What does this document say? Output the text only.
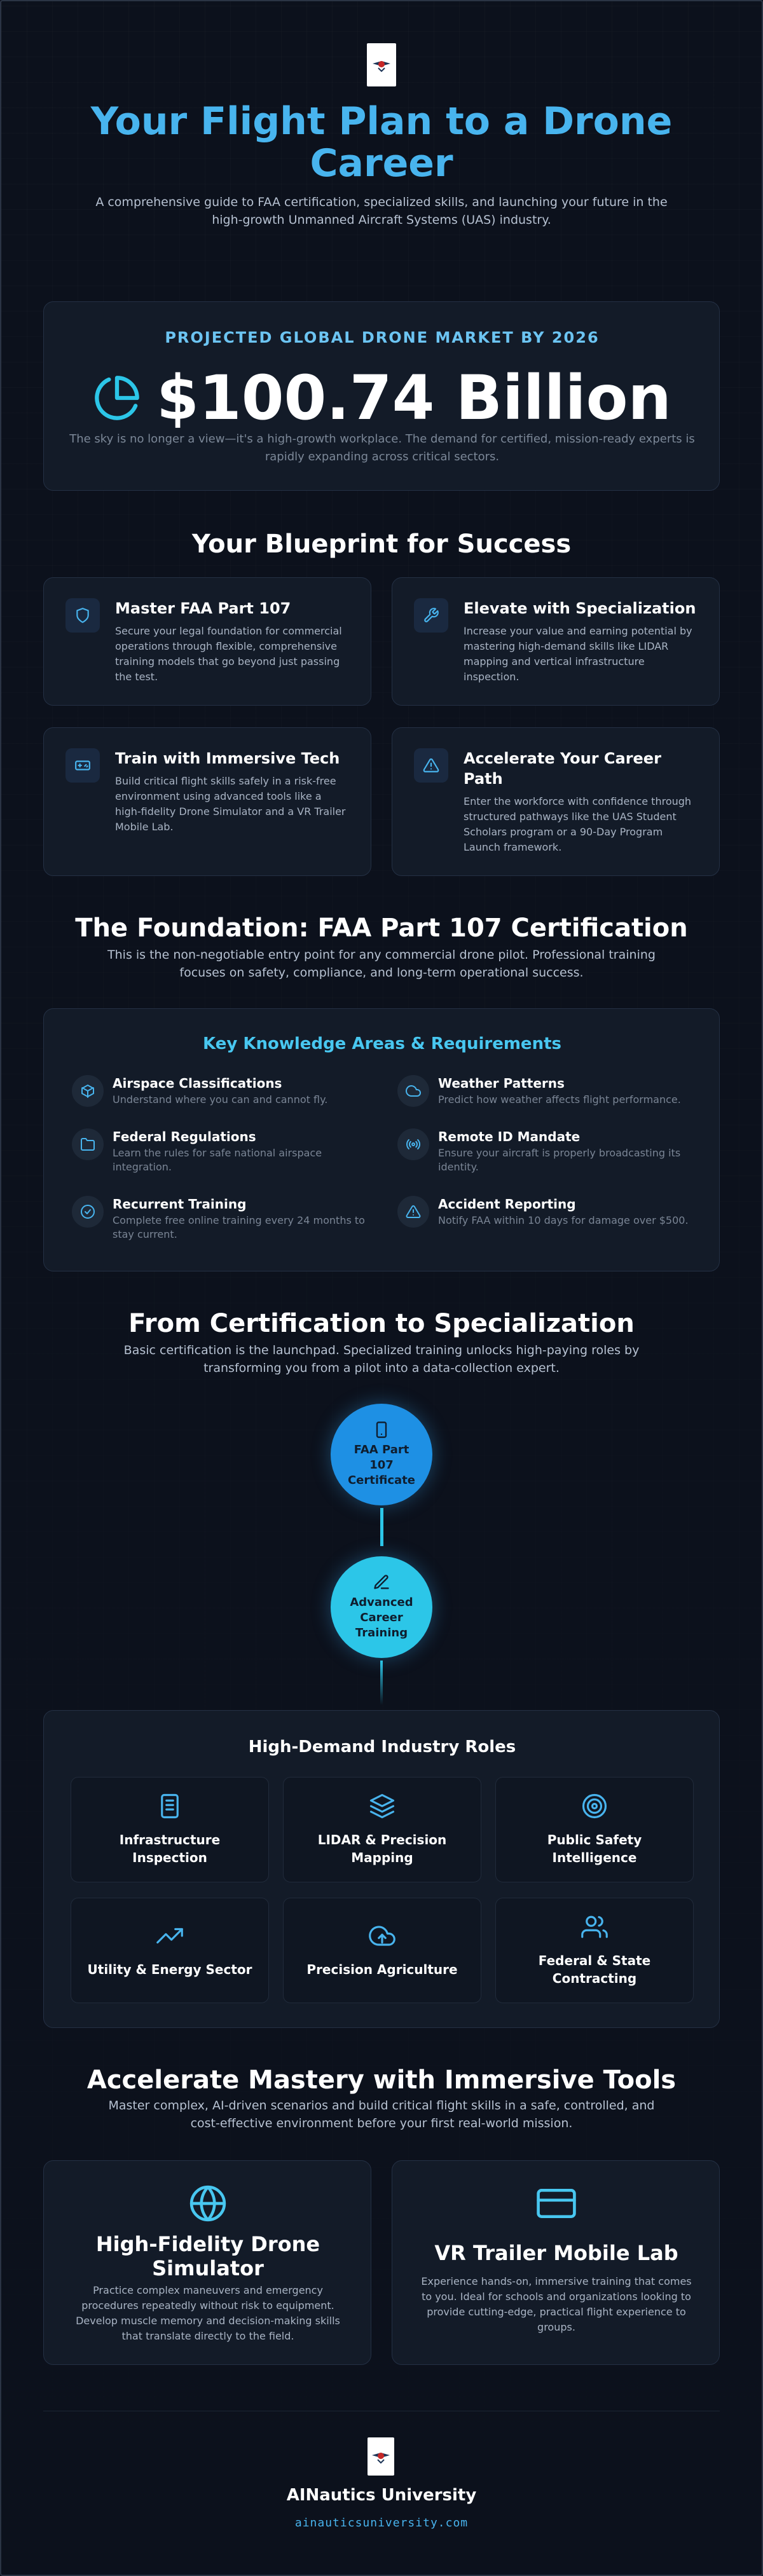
Your Flight Plan to a Drone Career
A comprehensive guide to FAA certification, specialized skills, and launching your future in the high-growth Unmanned Aircraft Systems (UAS) industry.
PROJECTED GLOBAL DRONE MARKET BY 2026
$100.74 Billion
The sky is no longer a view—it's a high-growth workplace. The demand for certified, mission-ready experts is rapidly expanding across critical sectors.
Your Blueprint for Success
Master FAA Part 107
Secure your legal foundation for commercial operations through flexible, comprehensive training models that go beyond just passing the test.
Elevate with Specialization
Increase your value and earning potential by mastering high-demand skills like LIDAR mapping and vertical infrastructure inspection.
Train with Immersive Tech
Build critical flight skills safely in a risk-free environment using advanced tools like a high-fidelity Drone Simulator and a VR Trailer Mobile Lab.
Accelerate Your Career Path
Enter the workforce with confidence through structured pathways like the UAS Student Scholars program or a 90-Day Program Launch framework.
The Foundation: FAA Part 107 Certification
This is the non-negotiable entry point for any commercial drone pilot. Professional training focuses on safety, compliance, and long-term operational success.
Key Knowledge Areas & Requirements
Airspace Classifications
Understand where you can and cannot fly.
Weather Patterns
Predict how weather affects flight performance.
Federal Regulations
Learn the rules for safe national airspace integration.
Remote ID Mandate
Ensure your aircraft is properly broadcasting its identity.
Recurrent Training
Complete free online training every 24 months to stay current.
Accident Reporting
Notify FAA within 10 days for damage over $500.
From Certification to Specialization
Basic certification is the launchpad. Specialized training unlocks high-paying roles by transforming you from a pilot into a data-collection expert.
FAA Part 107 Certificate
Advanced Career Training
High-Demand Industry Roles
Infrastructure Inspection
LIDAR & Precision Mapping
Public Safety Intelligence
Utility & Energy Sector	Precision Agriculture
Federal & State Contracting
Accelerate Mastery with Immersive Tools
Master complex, AI-driven scenarios and build critical flight skills in a safe, controlled, and cost-effective environment before your first real-world mission.
High-Fidelity Drone Simulator
Practice complex maneuvers and emergency procedures repeatedly without risk to equipment. Develop muscle memory and decision-making skills that translate directly to the field.
VR Trailer Mobile Lab
Experience hands-on, immersive training that comes to you. Ideal for schools and organizations looking to provide cutting-edge, practical flight experience to groups.
AINautics University
ainauticsuniversity.com
